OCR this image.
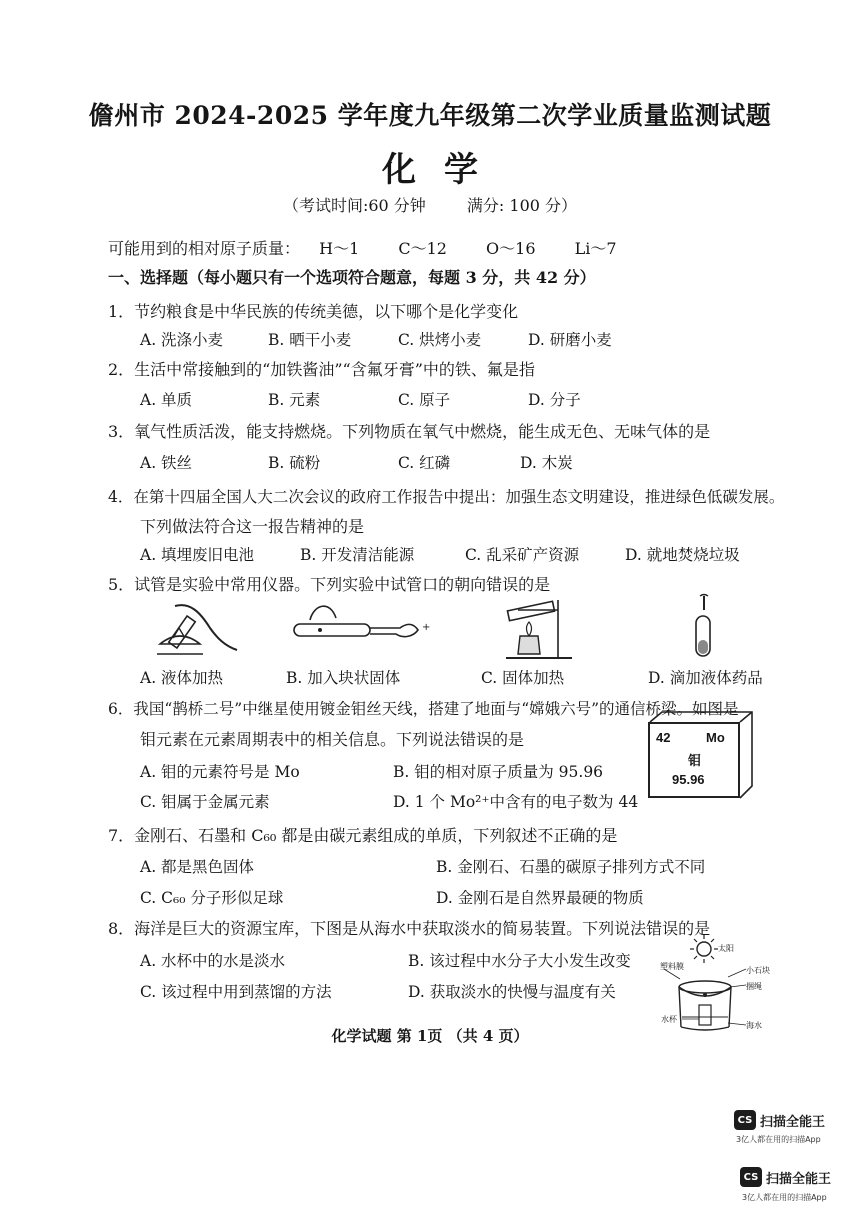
儋州市 2024-2025 学年度九年级第二次学业质量监测试题
化学
（考试时间:60 分钟	满分: 100 分）
可能用到的相对原子质量： H～1 C～12 O～16 Li～7
一、选择题（每小题只有一个选项符合题意，每题 3 分，共 42 分）
1．节约粮食是中华民族的传统美德，以下哪个是化学变化
A. 洗涤小麦	B. 晒干小麦	C. 烘烤小麦	D. 研磨小麦
2．生活中常接触到的“加铁酱油”“含氟牙膏”中的铁、氟是指
A. 单质	B. 元素	C. 原子	D. 分子
3．氧气性质活泼，能支持燃烧。下列物质在氧气中燃烧，能生成无色、无味气体的是
A. 铁丝	B. 硫粉	C. 红磷	D. 木炭
4．在第十四届全国人大二次会议的政府工作报告中提出：加强生态文明建设，推进绿色低碳发展。
下列做法符合这一报告精神的是
A. 填埋废旧电池	B. 开发清洁能源	C. 乱采矿产资源	D. 就地焚烧垃圾
5．试管是实验中常用仪器。下列实验中试管口的朝向错误的是
+
A. 液体加热	B. 加入块状固体	C. 固体加热	D. 滴加液体药品
6．我国“鹊桥二号”中继星使用镀金钼丝天线，搭建了地面与“嫦娥六号”的通信桥梁。如图是
钼元素在元素周期表中的相关信息。下列说法错误的是
A. 钼的元素符号是 Mo	B. 钼的相对原子质量为 95.96
C. 钼属于金属元素	D. 1 个 Mo²⁺中含有的电子数为 44
42	Mo
钼
95.96
7．金刚石、石墨和 C₆₀ 都是由碳元素组成的单质，下列叙述不正确的是
A. 都是黑色固体	B. 金刚石、石墨的碳原子排列方式不同
C. C₆₀ 分子形似足球	D. 金刚石是自然界最硬的物质
8．海洋是巨大的资源宝库，下图是从海水中获取淡水的简易装置。下列说法错误的是
A. 水杯中的水是淡水	B. 该过程中水分子大小发生改变
C. 该过程中用到蒸馏的方法	D. 获取淡水的快慢与温度有关
太阳
塑料膜	小石块
捆绳
水杯
海水
化学试题 第 1页 （共 4 页）
CS 扫描全能王
3亿人都在用的扫描App
CS 扫描全能王
3亿人都在用的扫描App
